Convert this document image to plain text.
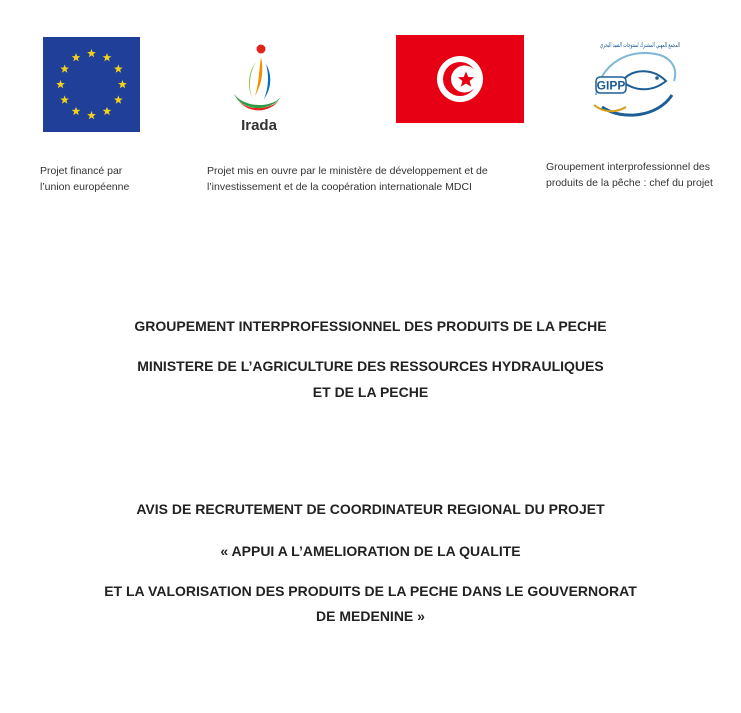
Irada
المجمع المهني المشترك لمنتوجات الصيد البحري
GIPP
Projet financé par
l’union européenne
Projet mis en ouvre par le ministère de développement et de
l’investissement et de la coopération internationale MDCI
Groupement interprofessionnel des
produits de la pêche : chef du projet
GROUPEMENT INTERPROFESSIONNEL DES PRODUITS DE LA PECHE
MINISTERE DE L’AGRICULTURE DES RESSOURCES HYDRAULIQUES
ET DE LA PECHE
AVIS DE RECRUTEMENT DE COORDINATEUR REGIONAL DU PROJET
« APPUI A L’AMELIORATION DE LA QUALITE
ET LA VALORISATION DES PRODUITS DE LA PECHE DANS LE GOUVERNORAT
DE MEDENINE »
